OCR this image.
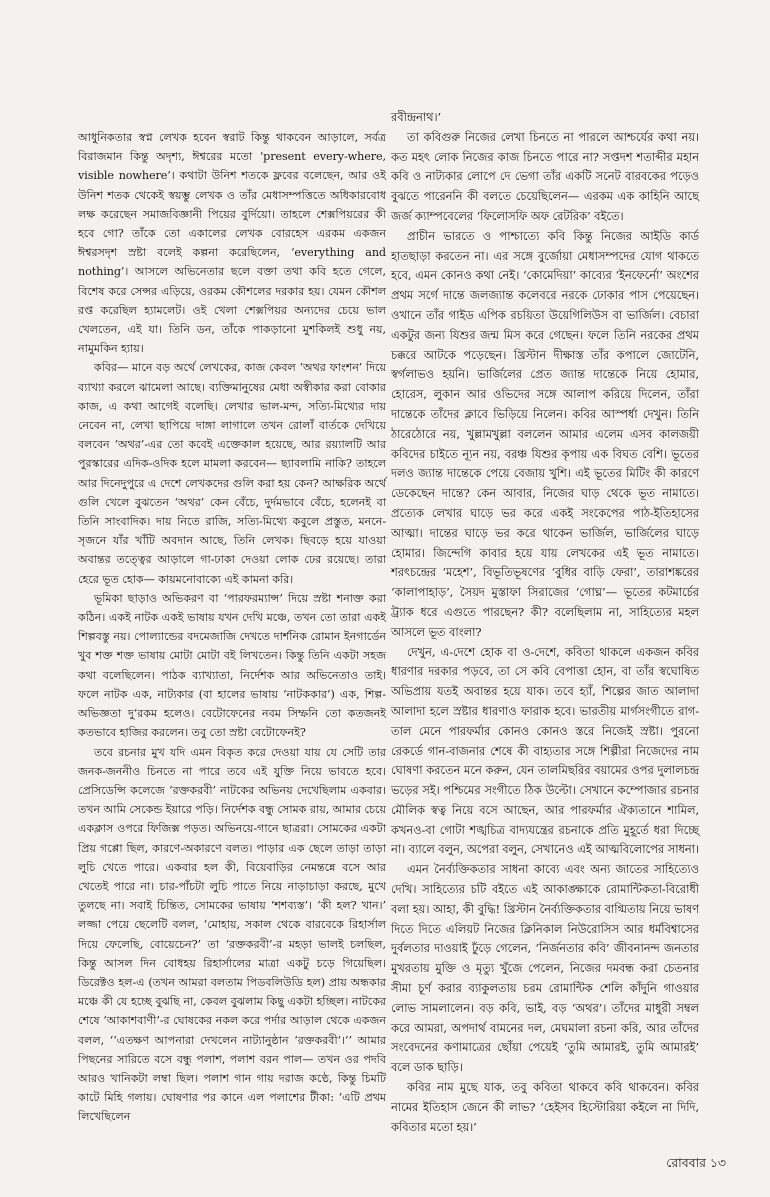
আধুনিকতার স্বপ্ন লেখক হবেন স্বরাট কিন্তু থাকবেন আড়ালে, সর্বত্র বিরাজমান কিন্তু অদৃশ্য, ঈশ্বরের মতো ‘present every-where, visible nowhere’। কথাটা উনিশ শতকে ফ্লবের বলেছেন, আর ওই উনিশ শতক থেকেই স্বয়ম্ভু লেখক ও তাঁর মেধাসম্পত্তিতে অধিকারবোধ লক্ষ করেছেন সমাজবিজ্ঞানী পিয়ের বুর্দিয়ো। তাহলে শেক্সপিয়রের কী হবে গো? তাঁকে তো একালের লেখক বোরহেস এরকম একজন ঈশ্বরসদৃশ স্রষ্টা বলেই কল্পনা করেছিলেন, ‘everything and nothing’। আসলে অভিনেতার ছলে বক্তা তথা কবি হতে গেলে, বিশেষ করে সেন্সর এড়িয়ে, ওরকম কৌশলের দরকার হয়। যেমন কৌশল রপ্ত করেছিল হ্যামলেট। ওই খেলা শেক্সপিয়র অন্যদের চেয়ে ভাল খেলতেন, এই যা। তিনি ডন, তাঁকে পাকড়ানো মুশকিলই শুধু নয়, নামুমকিন হ্যায়।

কবির— মানে বড় অর্থে লেখকের, কাজ কেবল ‘অথর ফাংশন’ দিয়ে ব্যাখ্যা করলে ঝামেলা আছে। ব্যক্তিমানুষের মেধা অস্বীকার করা বোকার কাজ, এ কথা আগেই বলেছি। লেখার ভাল-মন্দ, সত্যি-মিথ্যের দায় নেবেন না, লেখা ছাপিয়ে দাঙ্গা লাগালে তখন রোলাঁ বার্তকে দেখিয়ে বলবেন ‘অথর’-এর তো কবেই এক্তেকাল হয়েছে, আর রয়্যালটি আর পুরস্কারের এদিক-ওদিক হলে মামলা করবেন— ছ্যাবলামি নাকি? তাহলে আর দিনেদুপুরে এ দেশে লেখকদের গুলি করা হয় কেন? আক্ষরিক অর্থে গুলি খেলে বুঝতেন ‘অথর’ কেন বেঁচে, দুর্দমভাবে বেঁচে, হলেনই বা তিনি সাংবাদিক। দায় নিতে রাজি, সত্যি-মিথ্যে কবুলে প্রস্তুত, মননে-সৃজনে যাঁর খাঁটি অবদান আছে, তিনি লেখক। ছিবড়ে হয়ে যাওয়া অবান্তর তত্ত্বের আড়ালে গা-ঢাকা দেওয়া লোক ঢের রয়েছে। তারা হেরে ভূত হোক— কায়মনোবাক্যে এই কামনা করি।

ভূমিকা ছাড়াও অভিকরণ বা ‘পারফরম্যান্স’ দিয়ে স্রষ্টা শনাক্ত করা কঠিন। একই নাটক একই ভাষায় যখন দেখি মঞ্চে, তখন তো তারা একই শিল্পবস্তু নয়। পোল্যান্ডের বদমেজাজি দেখতে দার্শনিক রোমান ইনগার্ডেন খুব শক্ত শক্ত ভাষায় মোটা মোটা বই লিখতেন। কিন্তু তিনি একটা সহজ কথা বলেছিলেন। পাঠক ব্যাখ্যাতা, নির্দেশক আর অভিনেতাও তাই। ফলে নাটক এক, নাট্যকার (বা হালের ভাষায় ‘নাটককার’) এক, শিল্প-অভিজ্ঞতা দু’রকম হলেও। বেটোফেনের নবম সিম্ফনি তো কতজনই কতভাবে হাজির করলেন। তবু তো স্রষ্টা বেটোফেনই?

তবে রচনার মুখ যদি এমন বিকৃত করে দেওয়া যায় যে সেটি তার জনক-জননীও চিনতে না পারে তবে এই যুক্তি নিয়ে ভাবতে হবে। প্রেসিডেন্সি কলেজে ‘রক্তকরবী’ নাটকের অভিনয় দেখেছিলাম একবার। তখন আমি সেকেন্ড ইয়ারে পড়ি। নির্দেশক বন্ধু সোমক রায়, আমার চেয়ে একক্লাস ওপরে ফিজিক্স পড়ত। অভিনয়ে-গানে ছাত্ররা। সোমকের একটা প্রিয় গপ্পো ছিল, কারণে-অকারণে বলত। পাড়ার এক ছেলে তাড়া তাড়া লুচি খেতে পারে। একবার হল কী, বিয়েবাড়ির নেমন্তন্নে বসে আর খেতেই পারে না। চার-পাঁচটা লুচি পাতে নিয়ে নাড়াচাড়া করছে, মুখে তুলছে না। সবাই চিন্তিত, সোমকের ভাষায় ‘শশব্যস্ত’। ‘কী হল? খান।’ লজ্জা পেয়ে ছেলেটি বলল, ‘মোহায়, সকাল থেকে বারবেকে রিহার্সাল দিয়ে ফেলেছি, বোয়েচেন?’ তা ‘রক্তকরবী’-র মহড়া ভালই চলছিল, কিন্তু আসল দিন বোধহয় রিহার্সালের মাত্রা একটু চড়ে গিয়েছিল। ডিরেক্টও হল-এ (তখন আমরা বলতাম পিডবলিউডি হল) প্রায় অন্ধকার মঞ্চে কী যে হচ্ছে বুঝছি না, কেবল বুঝলাম কিছু একটা হচ্ছিল। নাটকের শেষে ‘আকাশবাণী’-র ঘোষকের নকল করে পর্দার আড়াল থেকে একজন বলল, ‘‘এতক্ষণ আপনারা দেখলেন নাট্যানুষ্ঠান ‘রক্তকরবী’।’’ আমার পিছনের সারিতে বসে বন্ধু পলাশ, পলাশ বরন পাল— তখন ওর পদবি আরও খানিকটা লম্বা ছিল। পলাশ গান গায় দরাজ কণ্ঠে, কিন্তু চিমটি কাটে মিহি গলায়। ঘোষণার পর কানে এল পলাশের টীকা: ‘এটি প্রথম লিখেছিলেন

রবীন্দ্রনাথ।’

তা কবিগুরু নিজের লেখা চিনতে না পারলে আশ্চর্যের কথা নয়। কত মহৎ লোক নিজের কাজ চিনতে পারে না? সপ্তদশ শতাব্দীর মহান কবি ও নাট্যকার লোপে দে ভেগা তাঁর একটি সনেট বারবকের পড়েও বুঝতে পারেননি কী বলতে চেয়েছিলেন— এরকম এক কাহিনি আছে জর্জ ক্যাম্পবেলের ‘ফিলোসফি অফ রেটরিক’ বইতে।

প্রাচীন ভারতে ও পাশ্চাত্যে কবি কিন্তু নিজের আইডি কার্ড হাতছাড়া করতেন না। এর সঙ্গে বুর্জোয়া মেধাসম্পদের যোগ থাকতে হবে, এমন কোনও কথা নেই। ‘কোমেদিয়া’ কাব্যের ‘ইনফের্নো’ অংশের প্রথম সর্গে দান্তে জলজ্যান্ত কলেবরে নরকে ঢোকার পাস পেয়েছেন। ওখানে তাঁর গাইড এপিক রচয়িতা উয়েগিলিউস বা ভার্জিল। বেচারা একটুর জন্য যিশুর জন্ম মিস করে গেছেন। ফলে তিনি নরকের প্রথম চক্করে আটকে পড়েছেন। খ্রিস্টান দীক্ষাস্ত তাঁর কপালে জোটেনি, স্বর্গলাভও হয়নি। ভার্জিলের প্রেত জ্যান্ত দান্তেকে নিয়ে হোমার, হোরেস, লুকান আর ওভিদের সঙ্গে আলাপ করিয়ে দিলেন, তাঁরা দান্তেকে তাঁদের ক্লাবে ভিড়িয়ে নিলেন। কবির আস্পর্ধা দেখুন। তিনি ঠারেঠোরে নয়, খুল্লামখুল্লা বললেন আমার এলেম এসব কালজয়ী কবিদের চাইতে ন্যূন নয়, বরঞ্চ যিশুর কৃপায় এক বিঘত বেশি। ভূতের দলও জ্যান্ত দান্তেকে পেয়ে বেজায় খুশি। এই ভূতের মিটিং কী কারণে ডেকেছেন দান্তে? কেন আবার, নিজের ঘাড় থেকে ভূত নামাতে। প্রত্যেক লেখার ঘাড়ে ভর করে একই সংকেপের পাঠ-ইতিহাসের আত্মা। দান্তের ঘাড়ে ভর করে থাকেন ভার্জিল, ভার্জিলের ঘাড়ে হোমার। জিন্দেগি কাবার হয়ে যায় লেখকের এই ভূত নামাতে। শরৎচন্দ্রের ‘মহেশ’, বিভূতিভূষণের ‘বুধির বাড়ি ফেরা’, তারাশঙ্করের ‘কালাপাহাড়’, সৈয়দ মুস্তাফা সিরাজের ‘গোঘ্ন’— ভূতের কটমার্চের ট্র্যাক ধরে এগুতে পারছেন? কী? বলেছিলাম না, সাহিত্যের মহল আসলে ভূত বাংলা?

দেখুন, এ-দেশে হোক বা ও-দেশে, কবিতা থাকলে একজন কবির ধারণার দরকার পড়বে, তা সে কবি বেপাত্তা হোন, বা তাঁর স্বঘোষিত অভিপ্রায় যতই অবান্তর হয়ে যাক। তবে হ্যাঁ, শিল্পের জাত আলাদা আলাদা হলে স্রষ্টার ধারণাও ফারাক হবে। ভারতীয় মার্গসংগীতে রাগ-তাল মেনে পারফর্মার কোনও কোনও স্তরে নিজেই স্রষ্টা। পুরনো রেকর্ডে গান-বাজনার শেষে কী বাহ্যতার সঙ্গে শিল্পীরা নিজেদের নাম ঘোষণা করতেন মনে করুন, যেন তালমিছরির বয়ামের ওপর দুলালচন্দ্র ভড়ের সই। পশ্চিমের সংগীতে ঠিক উল্টো। সেখানে কম্পোজার রচনার মৌলিক স্বত্ব নিয়ে বসে আছেন, আর পারফর্মার ঐক্যতানে শামিল, কখনও-বা গোটা শঙ্খচিত্র বাদ্যযন্ত্রের রচনাকে প্রতি মুহূর্তে ধরা দিচ্ছে না। ব্যালে বলুন, অপেরা বলুন, সেখানেও এই আত্মবিলোপের সাধনা।

এমন নৈর্ব্যক্তিকতার সাধনা কাব্যে এবং অন্য জাতের সাহিত্যেও দেখি। সাহিত্যের চটি বইতে এই আকাঙ্ক্ষাকে রোমান্টিকতা-বিরোধী বলা হয়। আহা, কী বুদ্ধি! খ্রিস্টান নৈর্ব্যক্তিকতার বাগ্মিতায় নিয়ে ভাষণ দিতে দিতে এলিয়ট নিজের ক্লিনিকাল নিউরোসিস আর ধর্মবিশ্বাসের দুর্বলতার দাওয়াই ঢুঁড়ে গেলেন, ‘নির্জনতার কবি’ জীবনানন্দ জনতার মুখরতায় মুক্তি ও মৃত্যু খুঁজে পেলেন, নিজের দমবন্ধ করা চেতনার সীমা চূর্ণ করার ব্যাকুলতায় চরম রোমান্টিক শেলি কাঁদুনি গাওয়ার লোভ সামলালেন। বড় কবি, ভাই, বড় ‘অথর’। তাঁদের মাধুরী সম্বল করে আমরা, অপদার্থ বামনের দল, মেঘমালা রচনা করি, আর তাঁদের সংবেদনের কণামাত্রের ছোঁয়া পেয়েই ‘তুমি আমারই, তুমি আমারই’ বলে ডাক ছাড়ি।

কবির নাম মুছে যাক, তবু কবিতা থাকবে কবি থাকবেন। কবির নামের ইতিহাস জেনে কী লাভ? ‘হেইসব হিস্টোরিয়া কইলে না দিদি, কবিতার মতো হয়।’

রোববার ১৩
